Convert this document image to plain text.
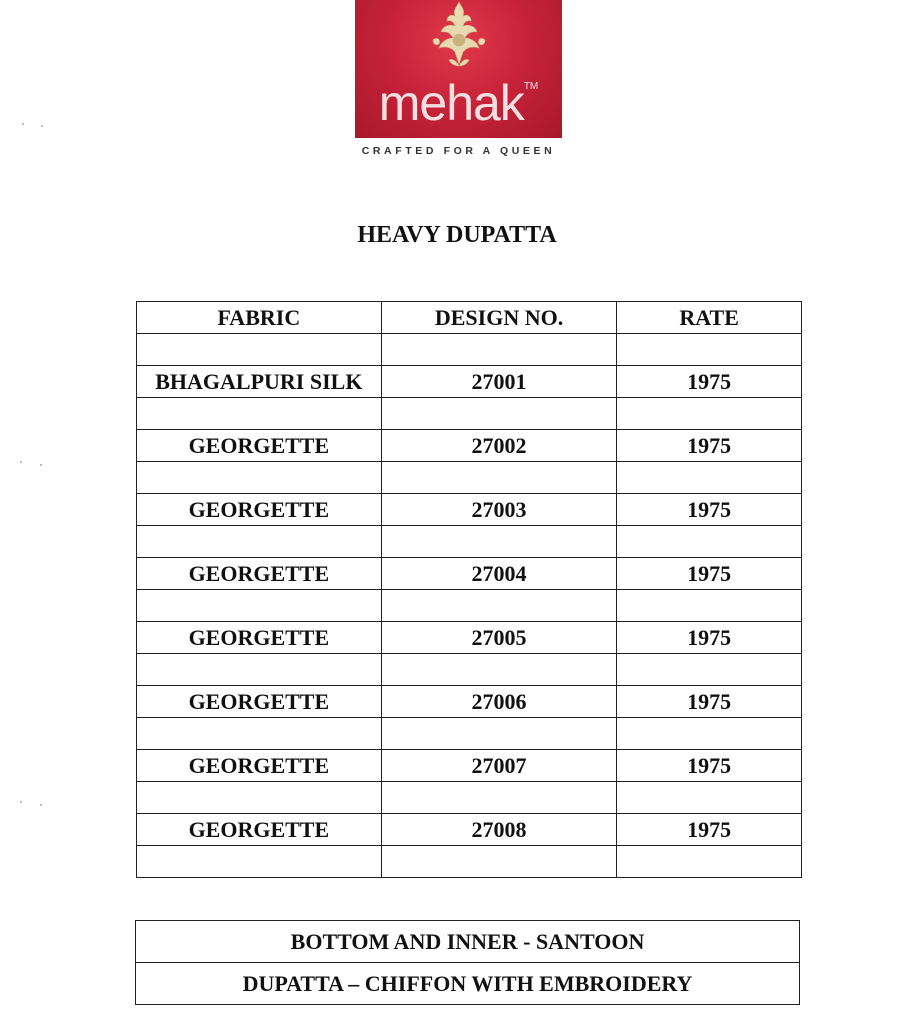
mehak™
CRAFTED FOR A QUEEN
HEAVY DUPATTA
FABRIC	DESIGN NO.	RATE

BHAGALPURI SILK	27001	1975

GEORGETTE	27002	1975

GEORGETTE	27003	1975

GEORGETTE	27004	1975

GEORGETTE	27005	1975

GEORGETTE	27006	1975

GEORGETTE	27007	1975

GEORGETTE	27008	1975

BOTTOM AND INNER - SANTOON
DUPATTA – CHIFFON WITH EMBROIDERY
